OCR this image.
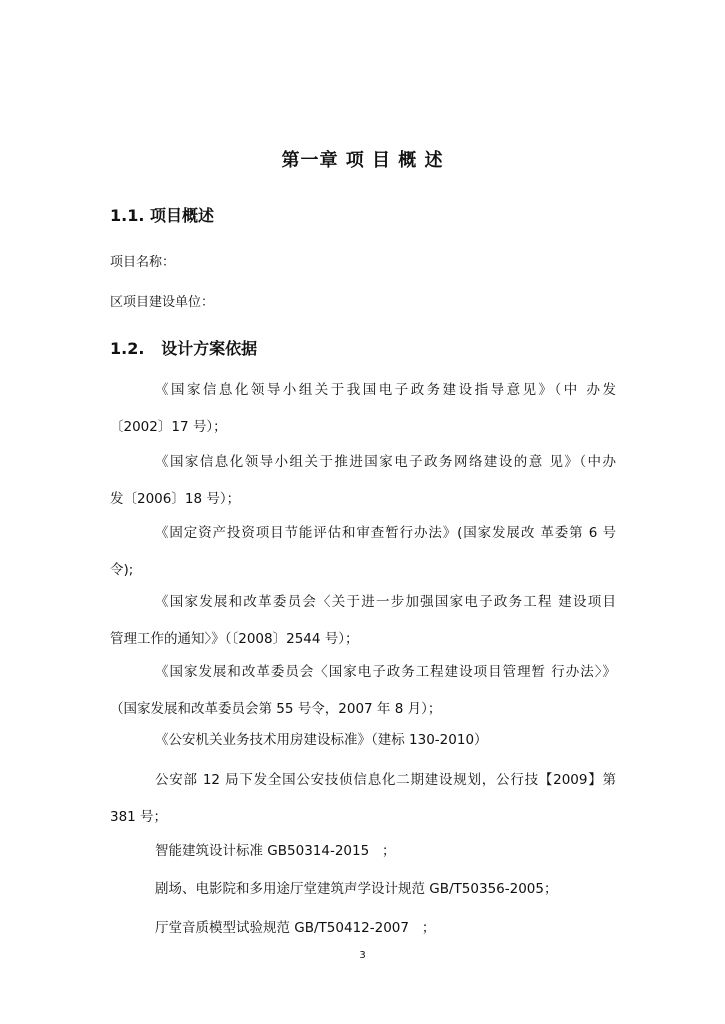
第一章 项 目 概 述
1.1. 项目概述
项目名称：
区项目建设单位：
1.2.   设计方案依据
《国家信息化领导小组关于我国电子政务建设指导意见》（中 办发
〔2002〕17 号）；
《国家信息化领导小组关于推进国家电子政务网络建设的意 见》（中办
发〔2006〕18 号）；
《固定资产投资项目节能评估和审查暂行办法》(国家发展改 革委第 6 号
令);
《国家发展和改革委员会〈关于进一步加强国家电子政务工程 建设项目
管理工作的通知〉》（〔2008〕2544 号）；
《国家发展和改革委员会〈国家电子政务工程建设项目管理暂 行办法〉》
（国家发展和改革委员会第 55 号令，2007 年 8 月）；
《公安机关业务技术用房建设标准》（建标 130-2010）
公安部 12 局下发全国公安技侦信息化二期建设规划，公行技【2009】第
381 号；
智能建筑设计标准 GB50314-2015   ；
剧场、电影院和多用途厅堂建筑声学设计规范 GB/T50356-2005；
厅堂音质模型试验规范 GB/T50412-2007   ；
3
